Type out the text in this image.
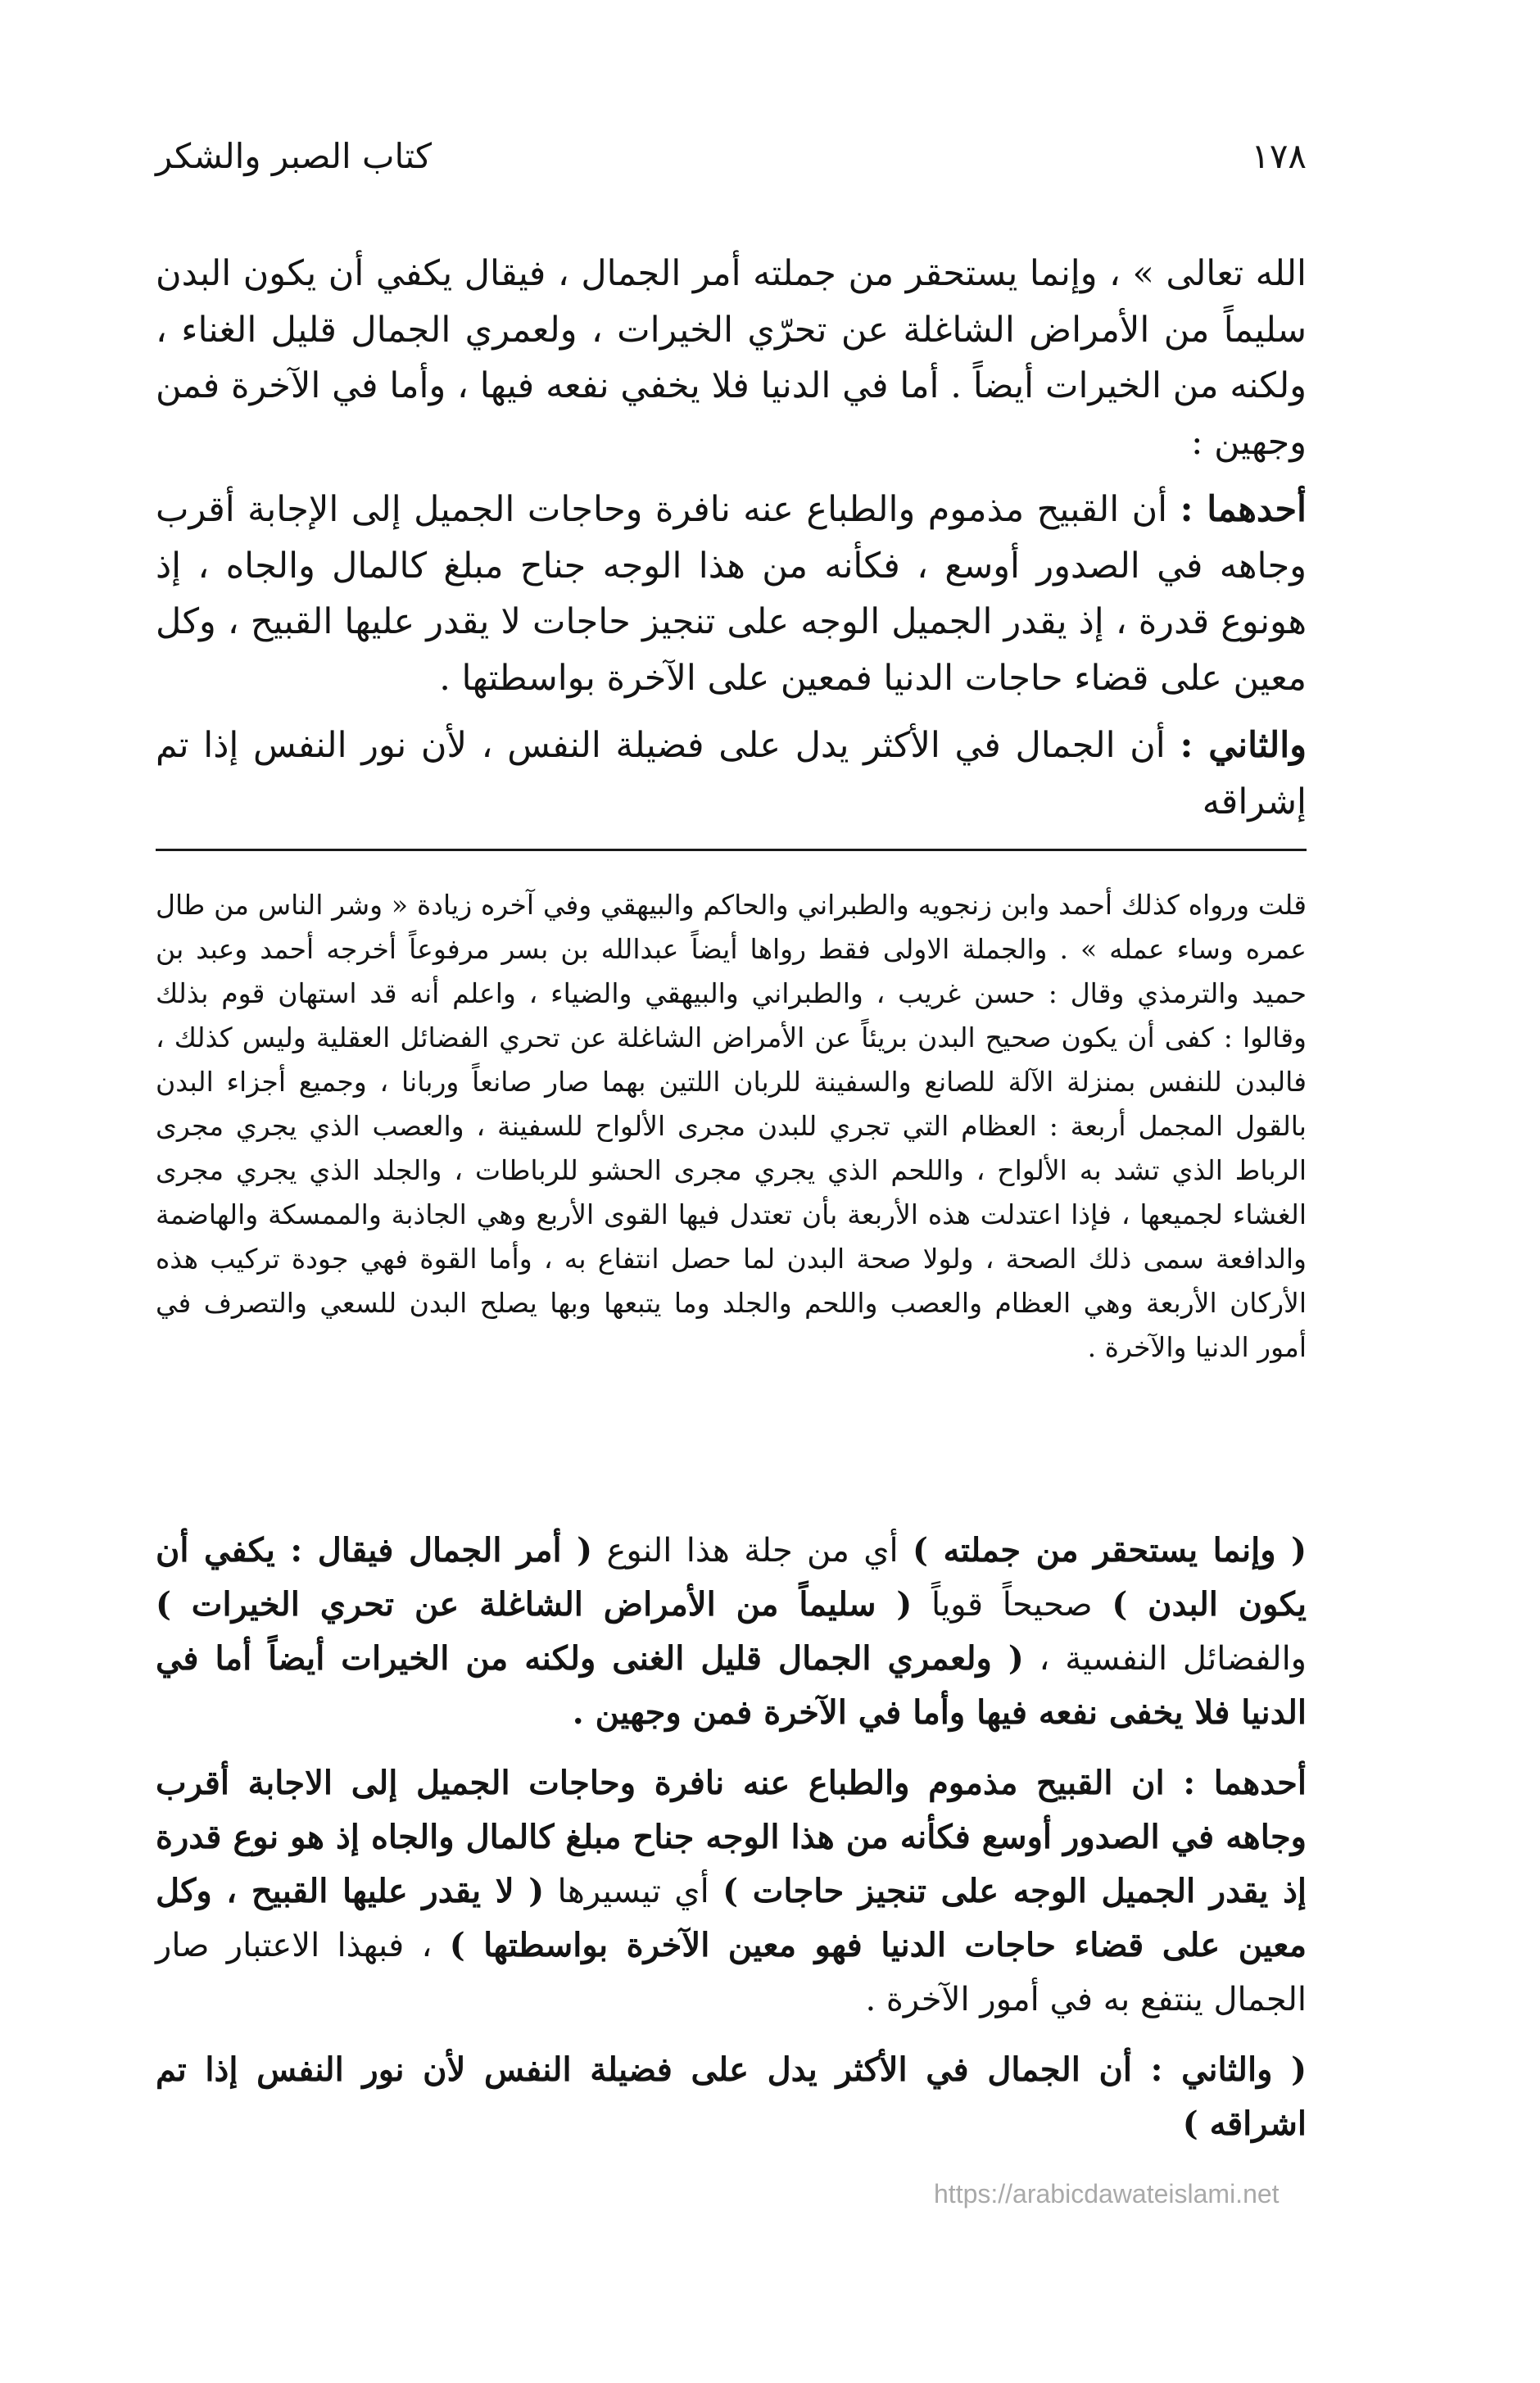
١٧٨
كتاب الصبر والشكر

الله تعالى » ، وإنما يستحقر من جملته أمر الجمال ، فيقال يكفي أن يكون البدن سليماً من الأمراض الشاغلة عن تحرّي الخيرات ، ولعمري الجمال قليل الغناء ، ولكنه من الخيرات أيضاً . أما في الدنيا فلا يخفي نفعه فيها ، وأما في الآخرة فمن وجهين :

أحدهما : أن القبيح مذموم والطباع عنه نافرة وحاجات الجميل إلى الإجابة أقرب وجاهه في الصدور أوسع ، فكأنه من هذا الوجه جناح مبلغ كالمال والجاه ، إذ هونوع قدرة ، إذ يقدر الجميل الوجه على تنجيز حاجات لا يقدر عليها القبيح ، وكل معين على قضاء حاجات الدنيا فمعين على الآخرة بواسطتها .

والثاني : أن الجمال في الأكثر يدل على فضيلة النفس ، لأن نور النفس إذا تم إشراقه

قلت ورواه كذلك أحمد وابن زنجويه والطبراني والحاكم والبيهقي وفي آخره زيادة « وشر الناس من طال عمره وساء عمله » . والجملة الاولى فقط رواها أيضاً عبدالله بن بسر مرفوعاً أخرجه أحمد وعبد بن حميد والترمذي وقال : حسن غريب ، والطبراني والبيهقي والضياء ، واعلم أنه قد استهان قوم بذلك وقالوا : كفى أن يكون صحيح البدن بريئاً عن الأمراض الشاغلة عن تحري الفضائل العقلية وليس كذلك ، فالبدن للنفس بمنزلة الآلة للصانع والسفينة للربان اللتين بهما صار صانعاً وربانا ، وجميع أجزاء البدن بالقول المجمل أربعة : العظام التي تجري للبدن مجرى الألواح للسفينة ، والعصب الذي يجري مجرى الرباط الذي تشد به الألواح ، واللحم الذي يجري مجرى الحشو للرباطات ، والجلد الذي يجري مجرى الغشاء لجميعها ، فإذا اعتدلت هذه الأربعة بأن تعتدل فيها القوى الأربع وهي الجاذبة والممسكة والهاضمة والدافعة سمى ذلك الصحة ، ولولا صحة البدن لما حصل انتفاع به ، وأما القوة فهي جودة تركيب هذه الأركان الأربعة وهي العظام والعصب واللحم والجلد وما يتبعها وبها يصلح البدن للسعي والتصرف في أمور الدنيا والآخرة .

( وإنما يستحقر من جملته ) أي من جلة هذا النوع ( أمر الجمال فيقال : يكفي أن يكون البدن ) صحيحاً قوياً ( سليماً من الأمراض الشاغلة عن تحري الخيرات ) والفضائل النفسية ، ( ولعمري الجمال قليل الغنى ولكنه من الخيرات أيضاً أما في الدنيا فلا يخفى نفعه فيها وأما في الآخرة فمن وجهين .

أحدهما : ان القبيح مذموم والطباع عنه نافرة وحاجات الجميل إلى الاجابة أقرب وجاهه في الصدور أوسع فكأنه من هذا الوجه جناح مبلغ كالمال والجاه إذ هو نوع قدرة إذ يقدر الجميل الوجه على تنجيز حاجات ) أي تيسيرها ( لا يقدر عليها القبيح ، وكل معين على قضاء حاجات الدنيا فهو معين الآخرة بواسطتها ) ، فبهذا الاعتبار صار الجمال ينتفع به في أمور الآخرة .

( والثاني : أن الجمال في الأكثر يدل على فضيلة النفس لأن نور النفس إذا تم اشراقه )

https://arabicdawateislami.net
